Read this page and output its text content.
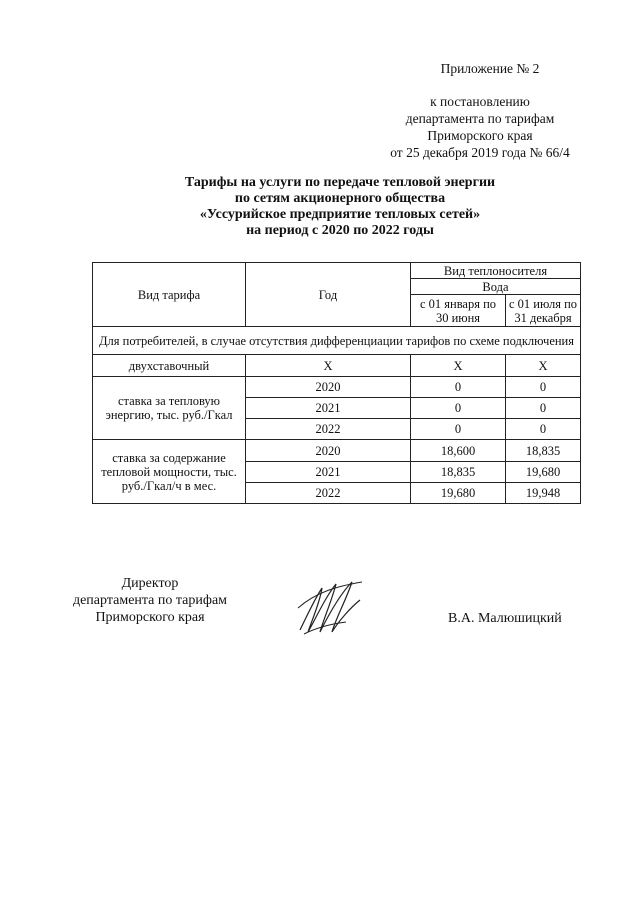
Приложение № 2
к постановлению
департамента по тарифам
Приморского края
от 25 декабря 2019 года № 66/4
Тарифы на услуги по передаче тепловой энергии
по сетям акционерного общества
«Уссурийское предприятие тепловых сетей»
на период с 2020 по 2022 годы
Вид тарифа	Год	Вид теплоносителя	
		Вода	
		с 01 января по 30 июня	с 01 июля по 31 декабря
Для потребителей, в случае отсутствия дифференциации тарифов по схеме подключения			
двухставочный	Х	Х	Х
ставка за тепловую энергию, тыс. руб./Гкал	2020	0	0
	2021	0	0
	2022	0	0
ставка за содержание тепловой мощности, тыс. руб./Гкал/ч в мес.	2020	18,600	18,835
	2021	18,835	19,680
	2022	19,680	19,948
Директор
департамента по тарифам
Приморского края	В.А. Малюшицкий
